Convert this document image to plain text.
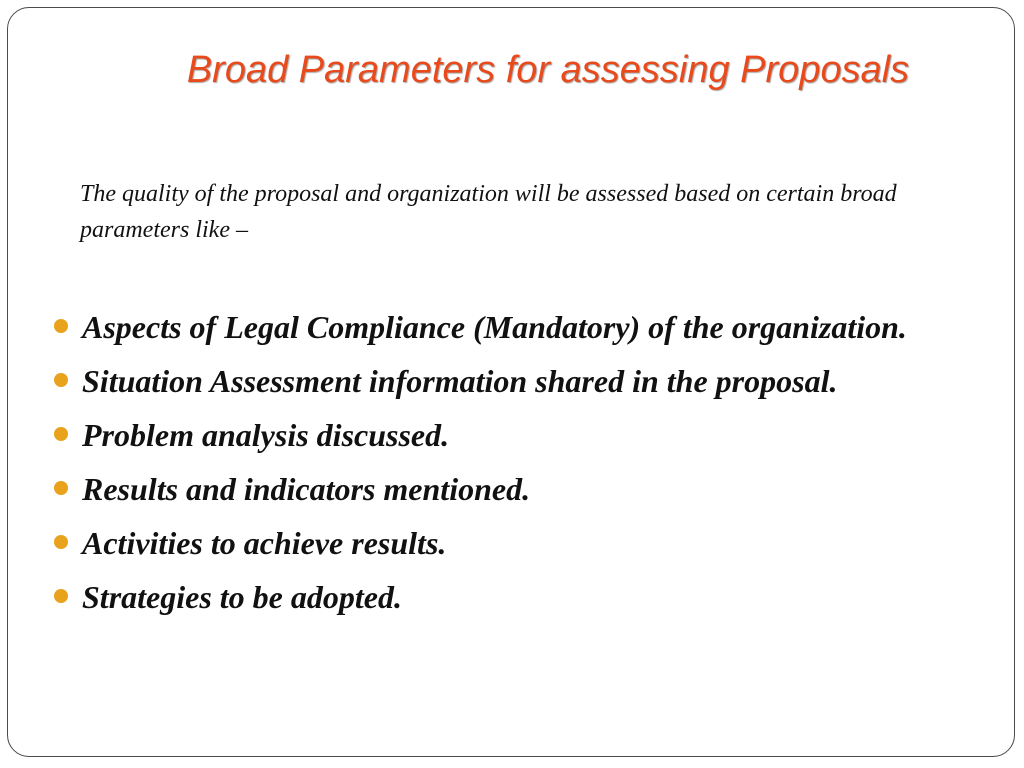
Broad Parameters for assessing Proposals

The quality of the proposal and organization will be assessed based on certain broad parameters like –

Aspects of Legal Compliance (Mandatory) of the organization.
Situation Assessment information shared in the proposal.
Problem analysis discussed.
Results and indicators mentioned.
Activities to achieve results.
Strategies to be adopted.
